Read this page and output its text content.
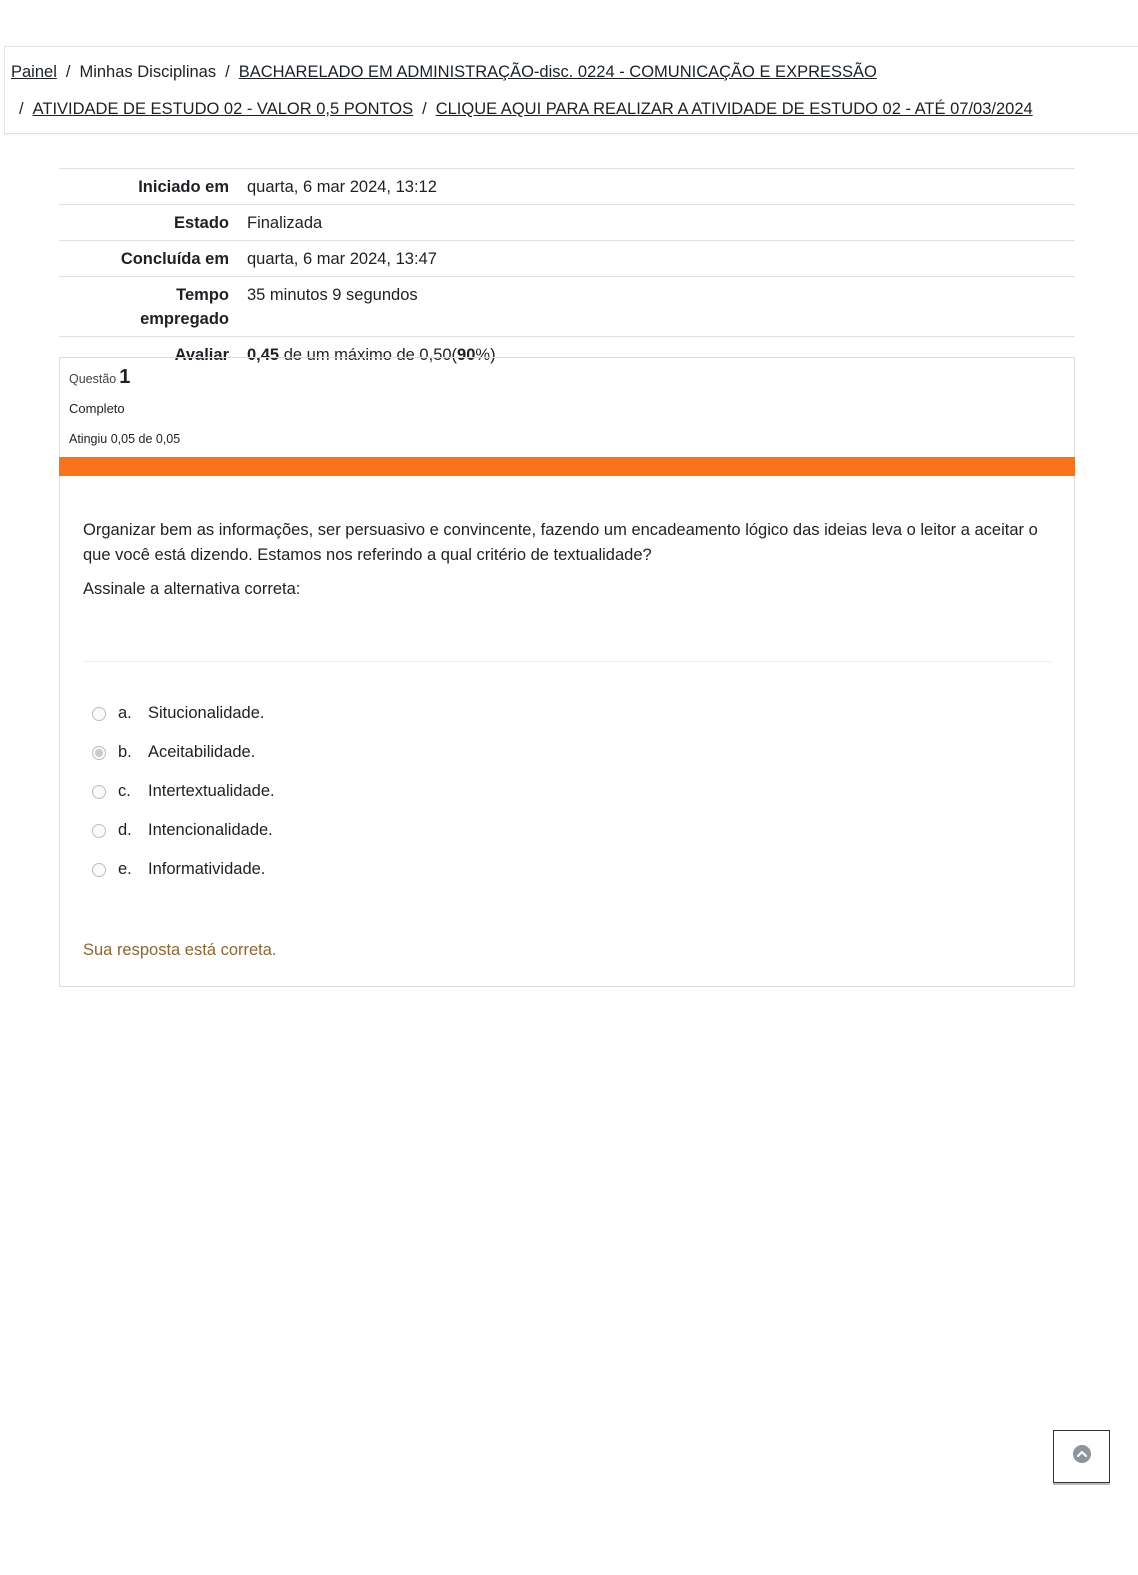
Painel / Minhas Disciplinas / BACHARELADO EM ADMINISTRAÇÃO-disc. 0224 - COMUNICAÇÃO E EXPRESSÃO
/ ATIVIDADE DE ESTUDO 02 - VALOR 0,5 PONTOS / CLIQUE AQUI PARA REALIZAR A ATIVIDADE DE ESTUDO 02 - ATÉ 07/03/2024
Iniciado em	quarta, 6 mar 2024, 13:12
Estado	Finalizada
Concluída em	quarta, 6 mar 2024, 13:47
Tempo
empregado	35 minutos 9 segundos
Avaliar	0,45 de um máximo de 0,50(90%)
Questão 1
Completo
Atingiu 0,05 de 0,05

Organizar bem as informações, ser persuasivo e convincente, fazendo um encadeamento lógico das ideias leva o leitor a aceitar o que você está dizendo. Estamos nos referindo a qual critério de textualidade?

Assinale a alternativa correta:

a. Situcionalidade.
b. Aceitabilidade.
c.	Intertextualidade.
d. Intencionalidade.
e. Informatividade.
Sua resposta está correta.
